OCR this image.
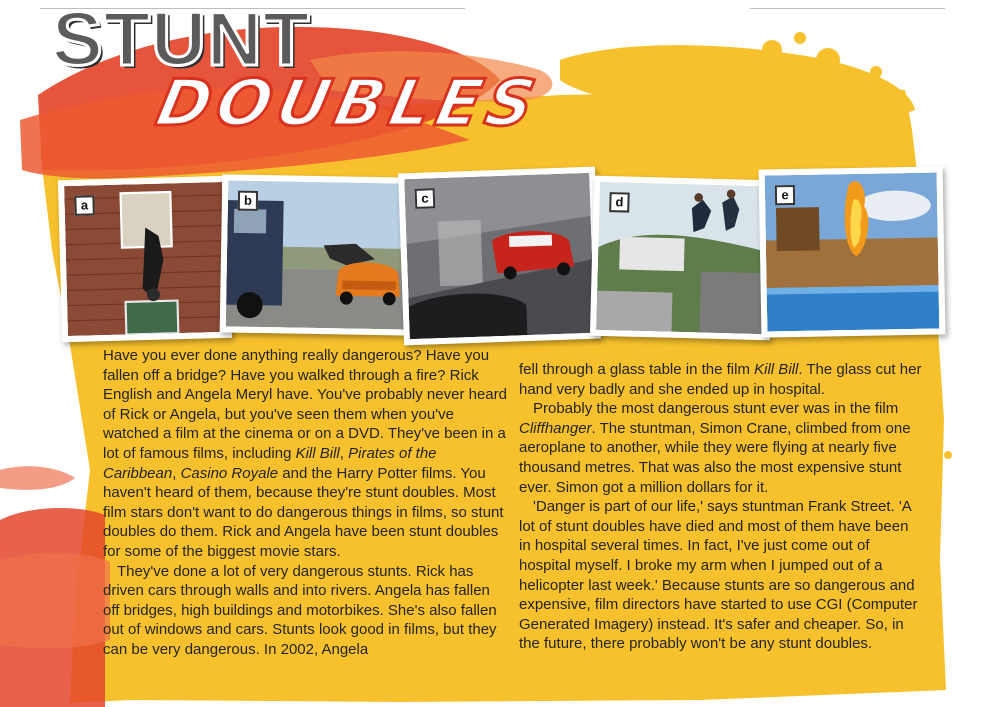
STUNT
DOUBLES
a	b	c	d	e

Have you ever done anything really dangerous? Have you fallen off a bridge? Have you walked through a fire? Rick English and Angela Meryl have. You've probably never heard of Rick or Angela, but you've seen them when you've watched a film at the cinema or on a DVD. They've been in a lot of famous films, including Kill Bill, Pirates of the Caribbean, Casino Royale and the Harry Potter films. You haven't heard of them, because they're stunt doubles. Most film stars don't want to do dangerous things in films, so stunt doubles do them. Rick and Angela have been stunt doubles for some of the biggest movie stars.

They've done a lot of very dangerous stunts. Rick has driven cars through walls and into rivers. Angela has fallen off bridges, high buildings and motorbikes. She's also fallen out of windows and cars. Stunts look good in films, but they can be very dangerous. In 2002, Angela

fell through a glass table in the film Kill Bill. The glass cut her hand very badly and she ended up in hospital.

Probably the most dangerous stunt ever was in the film Cliffhanger. The stuntman, Simon Crane, climbed from one aeroplane to another, while they were flying at nearly five thousand metres. That was also the most expensive stunt ever. Simon got a million dollars for it.

'Danger is part of our life,' says stuntman Frank Street. 'A lot of stunt doubles have died and most of them have been in hospital several times. In fact, I've just come out of hospital myself. I broke my arm when I jumped out of a helicopter last week.' Because stunts are so dangerous and expensive, film directors have started to use CGI (Computer Generated Imagery) instead. It's safer and cheaper. So, in the future, there probably won't be any stunt doubles.
